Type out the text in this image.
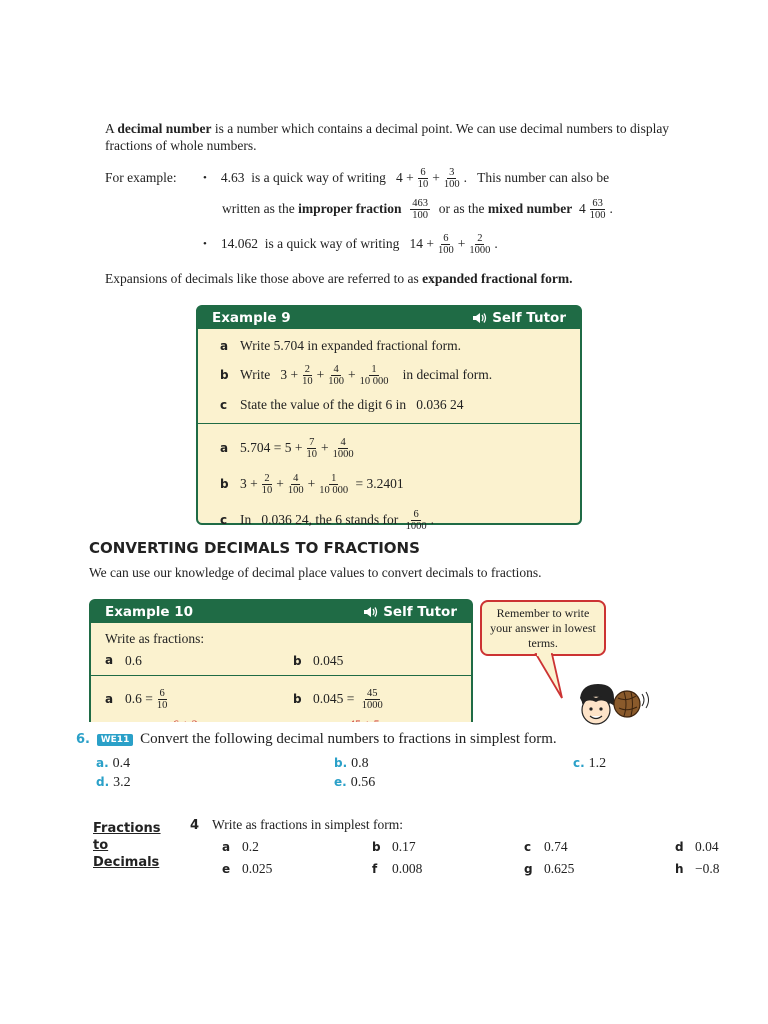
A decimal number is a number which contains a decimal point. We can use decimal numbers to display fractions of whole numbers.
For example:	• 4.63
is a quick way of writing
$4 + \frac{6}{10} + \frac{3}{100}$ .
This number can also be
written as the
improper fraction
$\frac{463}{100}$
or as the
mixed number
$4 \frac{63}{100}$ .
• 14.062
is a quick way of writing
$14 + \frac{6}{100} + \frac{2}{1000}$ .
Expansions of decimals like those above are referred to as expanded fractional form.
Example 9	Self Tutor
a Write 5.704 in expanded fractional form.
b Write
$3 + \frac{2}{10} + \frac{4}{100} + \frac{1}{10 000}$
in decimal form.
c State the value of the digit 6 in
0.036 24
a $5.704 = 5 + \frac{7}{10} + \frac{4}{1000}$
b $3 + \frac{2}{10} + \frac{4}{100} + \frac{1}{10 000}$
= 3.2401
c In
0.036 24, the 6 stands for
$\frac{6}{1000}$ .
CONVERTING DECIMALS TO FRACTIONS
We can use our knowledge of decimal place values to convert decimals to fractions.
Example 10	Self Tutor
Write as fractions:
a 0.6	b 0.045
a $0.6 = \frac{6}{10}$	b 0.045 =
$\frac{45}{1000}$
Remember to write your answer in lowest terms.
6. WE11 Convert the following decimal numbers to fractions in simplest form.
a. 0.4	b. 0.8	c. 1.2
d. 3.2	e. 0.56
Fractions
to
Decimals
4 Write as fractions in simplest form:
a 0.2	b 0.17	c 0.74	d 0.04
e 0.025	f 0.008	g 0.625	h −0.8
